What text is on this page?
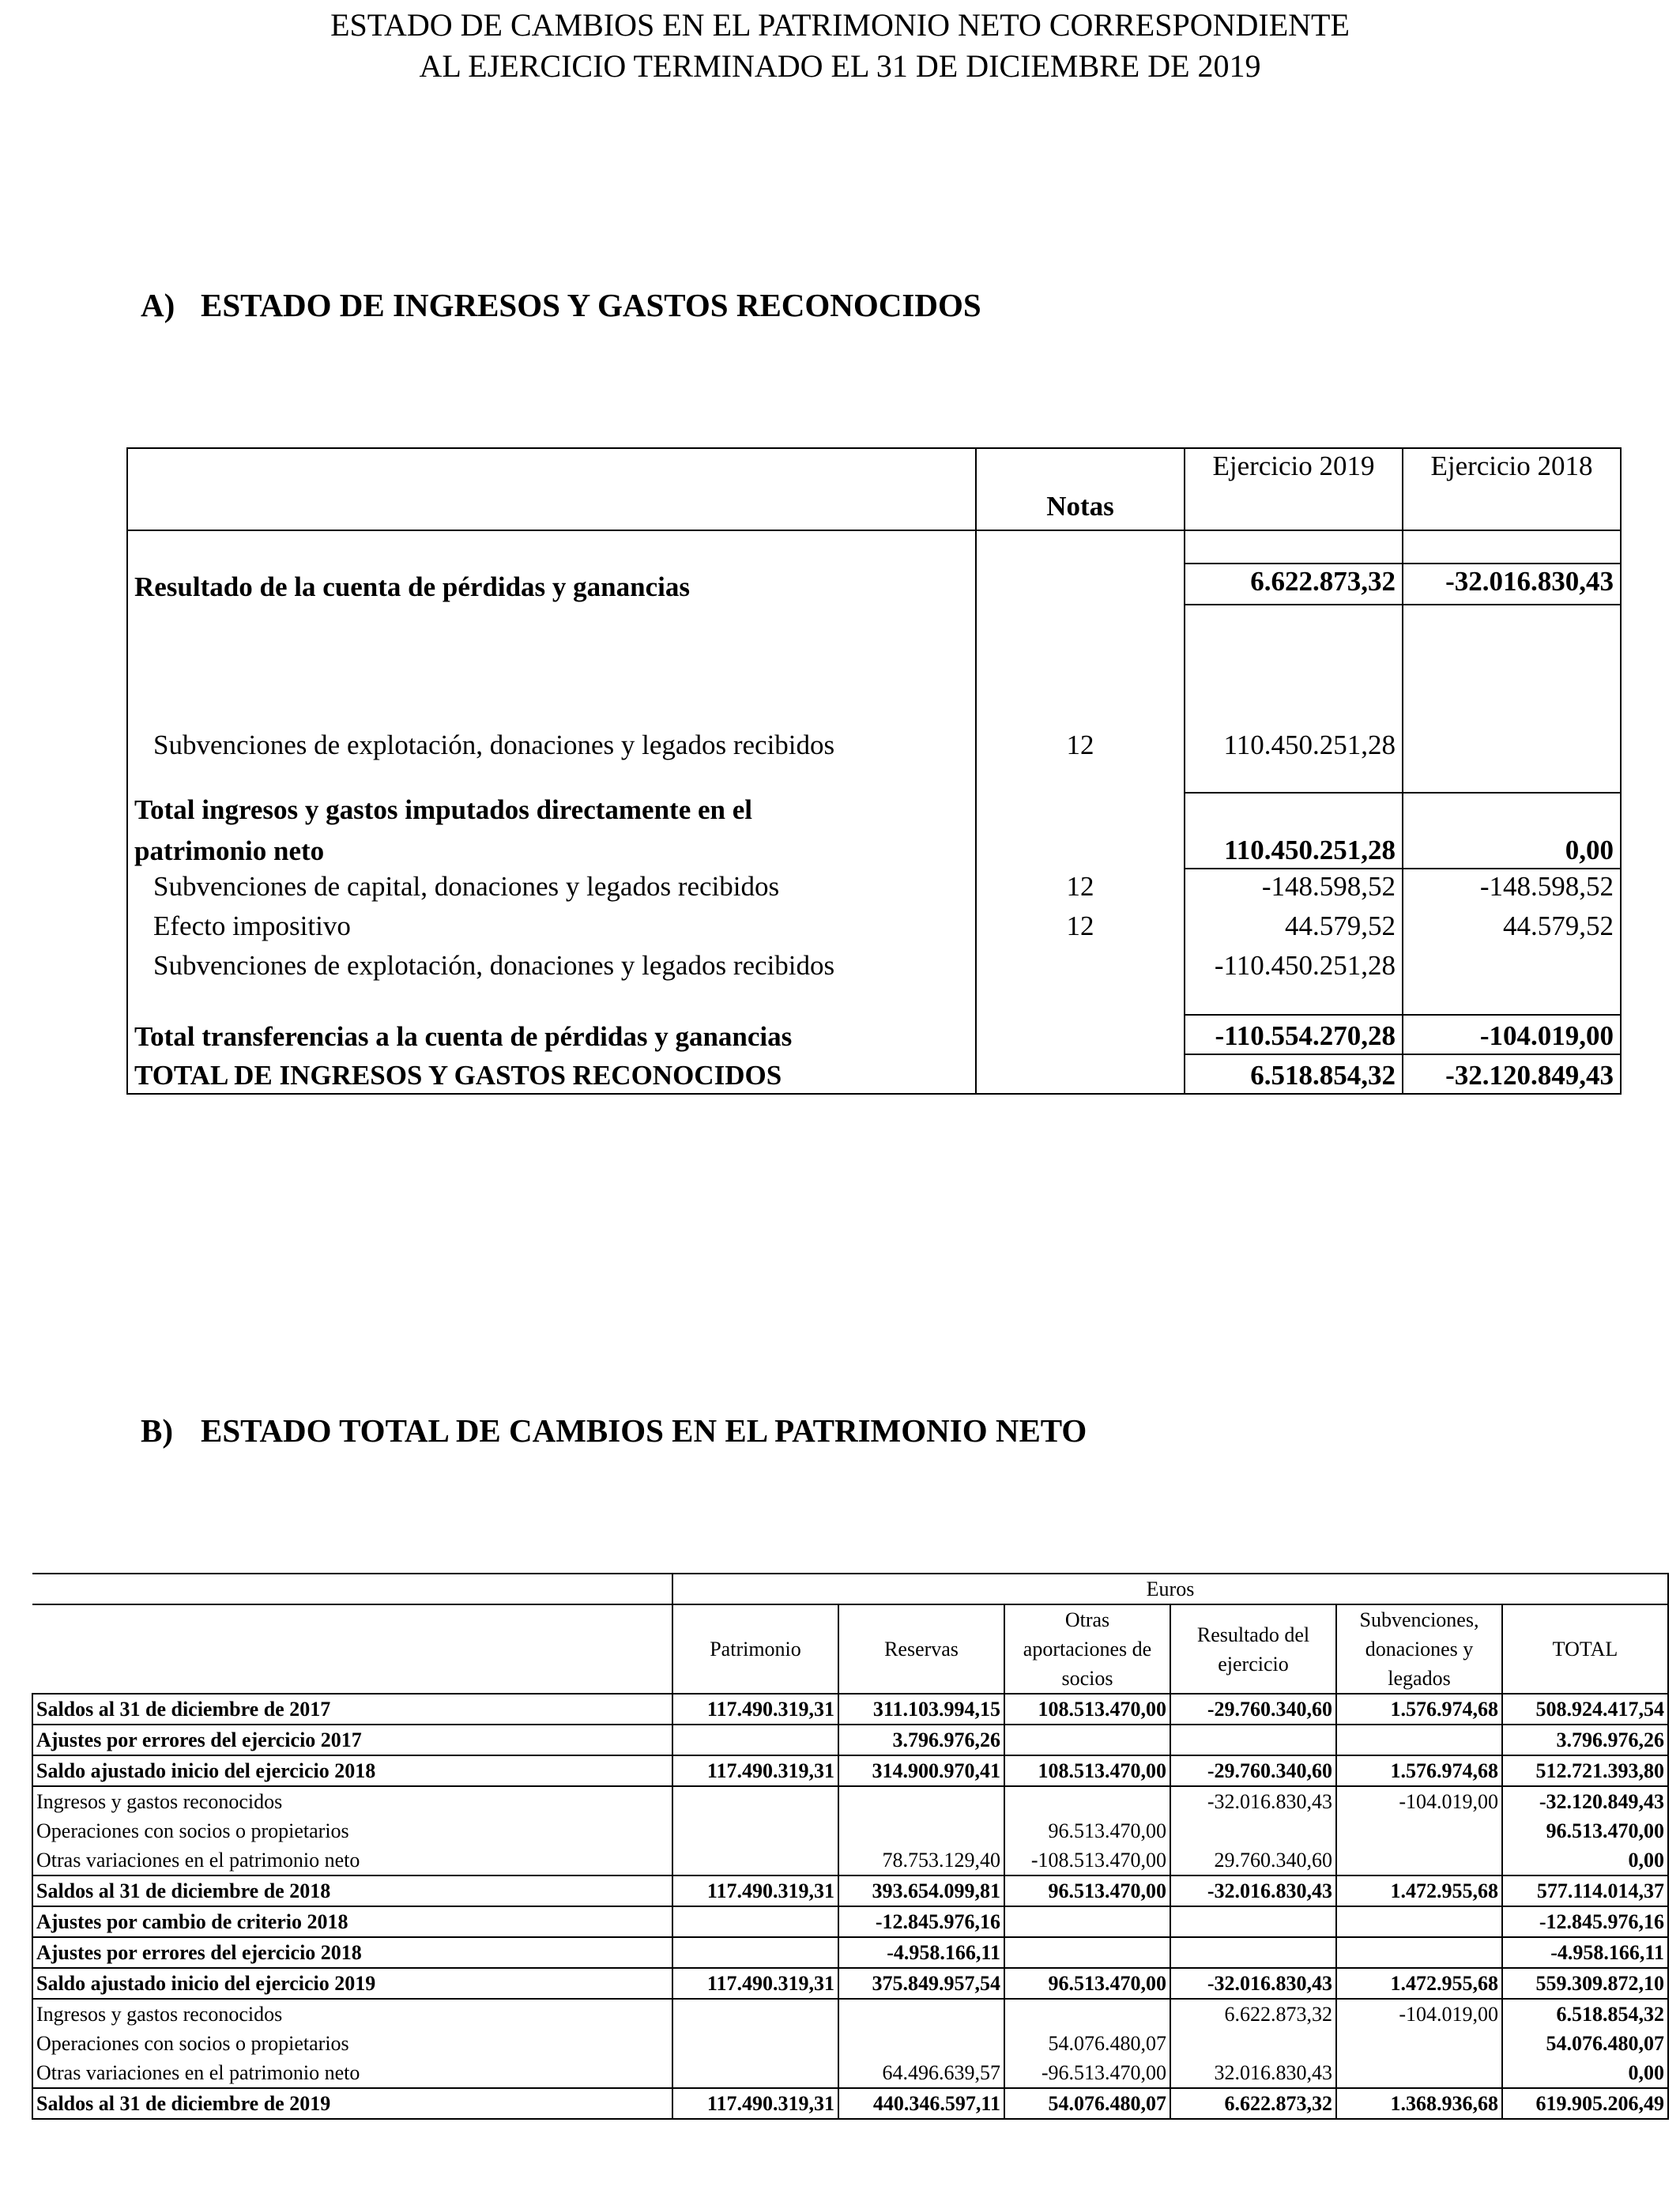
ESTADO DE CAMBIOS EN EL PATRIMONIO NETO CORRESPONDIENTE
AL EJERCICIO TERMINADO EL 31 DE DICIEMBRE DE 2019
A) ESTADO DE INGRESOS Y GASTOS RECONOCIDOS
		Ejercicio 2019	Ejercicio 2018
	Notas		

Resultado de la cuenta de pérdidas y ganancias		6.622.873,32	-32.016.830,43

Subvenciones de explotación, donaciones y legados recibidos	12	110.450.251,28	

Total ingresos y gastos imputados directamente en el			
patrimonio neto		110.450.251,28	0,00
Subvenciones de capital, donaciones y legados recibidos	12	-148.598,52	-148.598,52
Efecto impositivo	12	44.579,52	44.579,52
Subvenciones de explotación, donaciones y legados recibidos		-110.450.251,28	

Total transferencias a la cuenta de pérdidas y ganancias		-110.554.270,28	-104.019,00
TOTAL DE INGRESOS Y GASTOS RECONOCIDOS		6.518.854,32	-32.120.849,43
B) ESTADO TOTAL DE CAMBIOS EN EL PATRIMONIO NETO
	Euros					
	Patrimonio	Reservas	Otras
aportaciones de
socios	Resultado del
ejercicio	Subvenciones,
donaciones y
legados	TOTAL
Saldos al 31 de diciembre de 2017	117.490.319,31	311.103.994,15	108.513.470,00	-29.760.340,60	1.576.974,68	508.924.417,54
Ajustes por errores del ejercicio 2017		3.796.976,26				3.796.976,26
Saldo ajustado inicio del ejercicio 2018	117.490.319,31	314.900.970,41	108.513.470,00	-29.760.340,60	1.576.974,68	512.721.393,80
Ingresos y gastos reconocidos				-32.016.830,43	-104.019,00	-32.120.849,43
Operaciones con socios o propietarios			96.513.470,00			96.513.470,00
Otras variaciones en el patrimonio neto		78.753.129,40	-108.513.470,00	29.760.340,60		0,00
Saldos al 31 de diciembre de 2018	117.490.319,31	393.654.099,81	96.513.470,00	-32.016.830,43	1.472.955,68	577.114.014,37
Ajustes por cambio de criterio 2018		-12.845.976,16				-12.845.976,16
Ajustes por errores del ejercicio 2018		-4.958.166,11				-4.958.166,11
Saldo ajustado inicio del ejercicio 2019	117.490.319,31	375.849.957,54	96.513.470,00	-32.016.830,43	1.472.955,68	559.309.872,10
Ingresos y gastos reconocidos				6.622.873,32	-104.019,00	6.518.854,32
Operaciones con socios o propietarios			54.076.480,07			54.076.480,07
Otras variaciones en el patrimonio neto		64.496.639,57	-96.513.470,00	32.016.830,43		0,00
Saldos al 31 de diciembre de 2019	117.490.319,31	440.346.597,11	54.076.480,07	6.622.873,32	1.368.936,68	619.905.206,49
